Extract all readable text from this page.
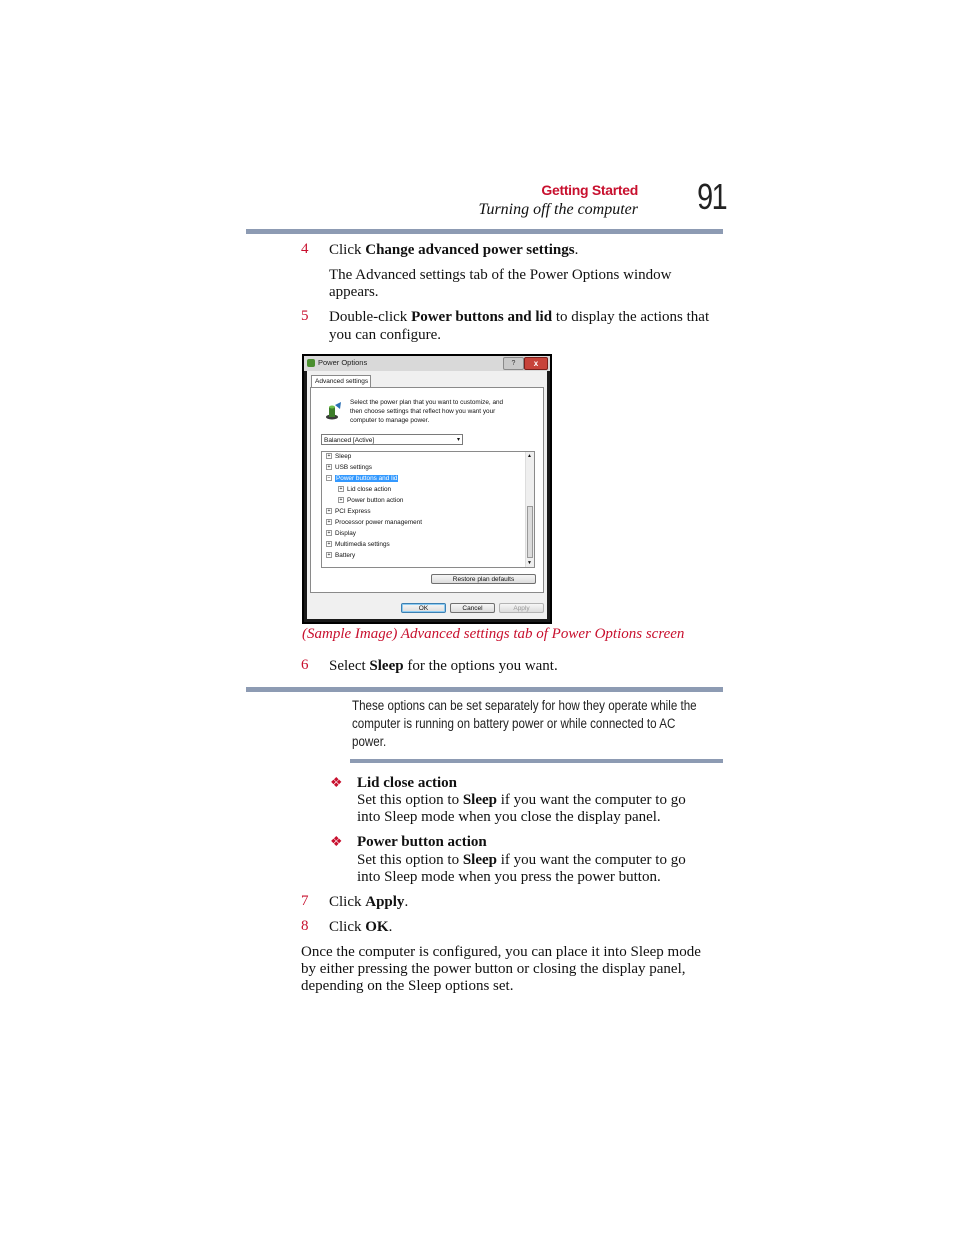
Getting Started
Turning off the computer	91
4 Click Change advanced power settings.
The Advanced settings tab of the Power Options window
appears.
5 Double-click Power buttons and lid to display the actions that
you can configure.
Power Options	?	x
Advanced settings
Select the power plan that you want to customize, and
then choose settings that reflect how you want your
computer to manage power.
Balanced [Active]	▾
+ Sleep
+ USB settings
− Power buttons and lid
+ Lid close action
+ Power button action
+ PCI Express
+ Processor power management
+ Display
+ Multimedia settings
+ Battery
▲
▼
Restore plan defaults
OK	Cancel	Apply
(Sample Image) Advanced settings tab of Power Options screen
6 Select Sleep for the options you want.
These options can be set separately for how they operate while the
computer is running on battery power or while connected to AC
power.
❖ Lid close action
Set this option to Sleep if you want the computer to go
into Sleep mode when you close the display panel.
❖ Power button action
Set this option to Sleep if you want the computer to go
into Sleep mode when you press the power button.
7 Click Apply.
8 Click OK.
Once the computer is configured, you can place it into Sleep mode
by either pressing the power button or closing the display panel,
depending on the Sleep options set.
